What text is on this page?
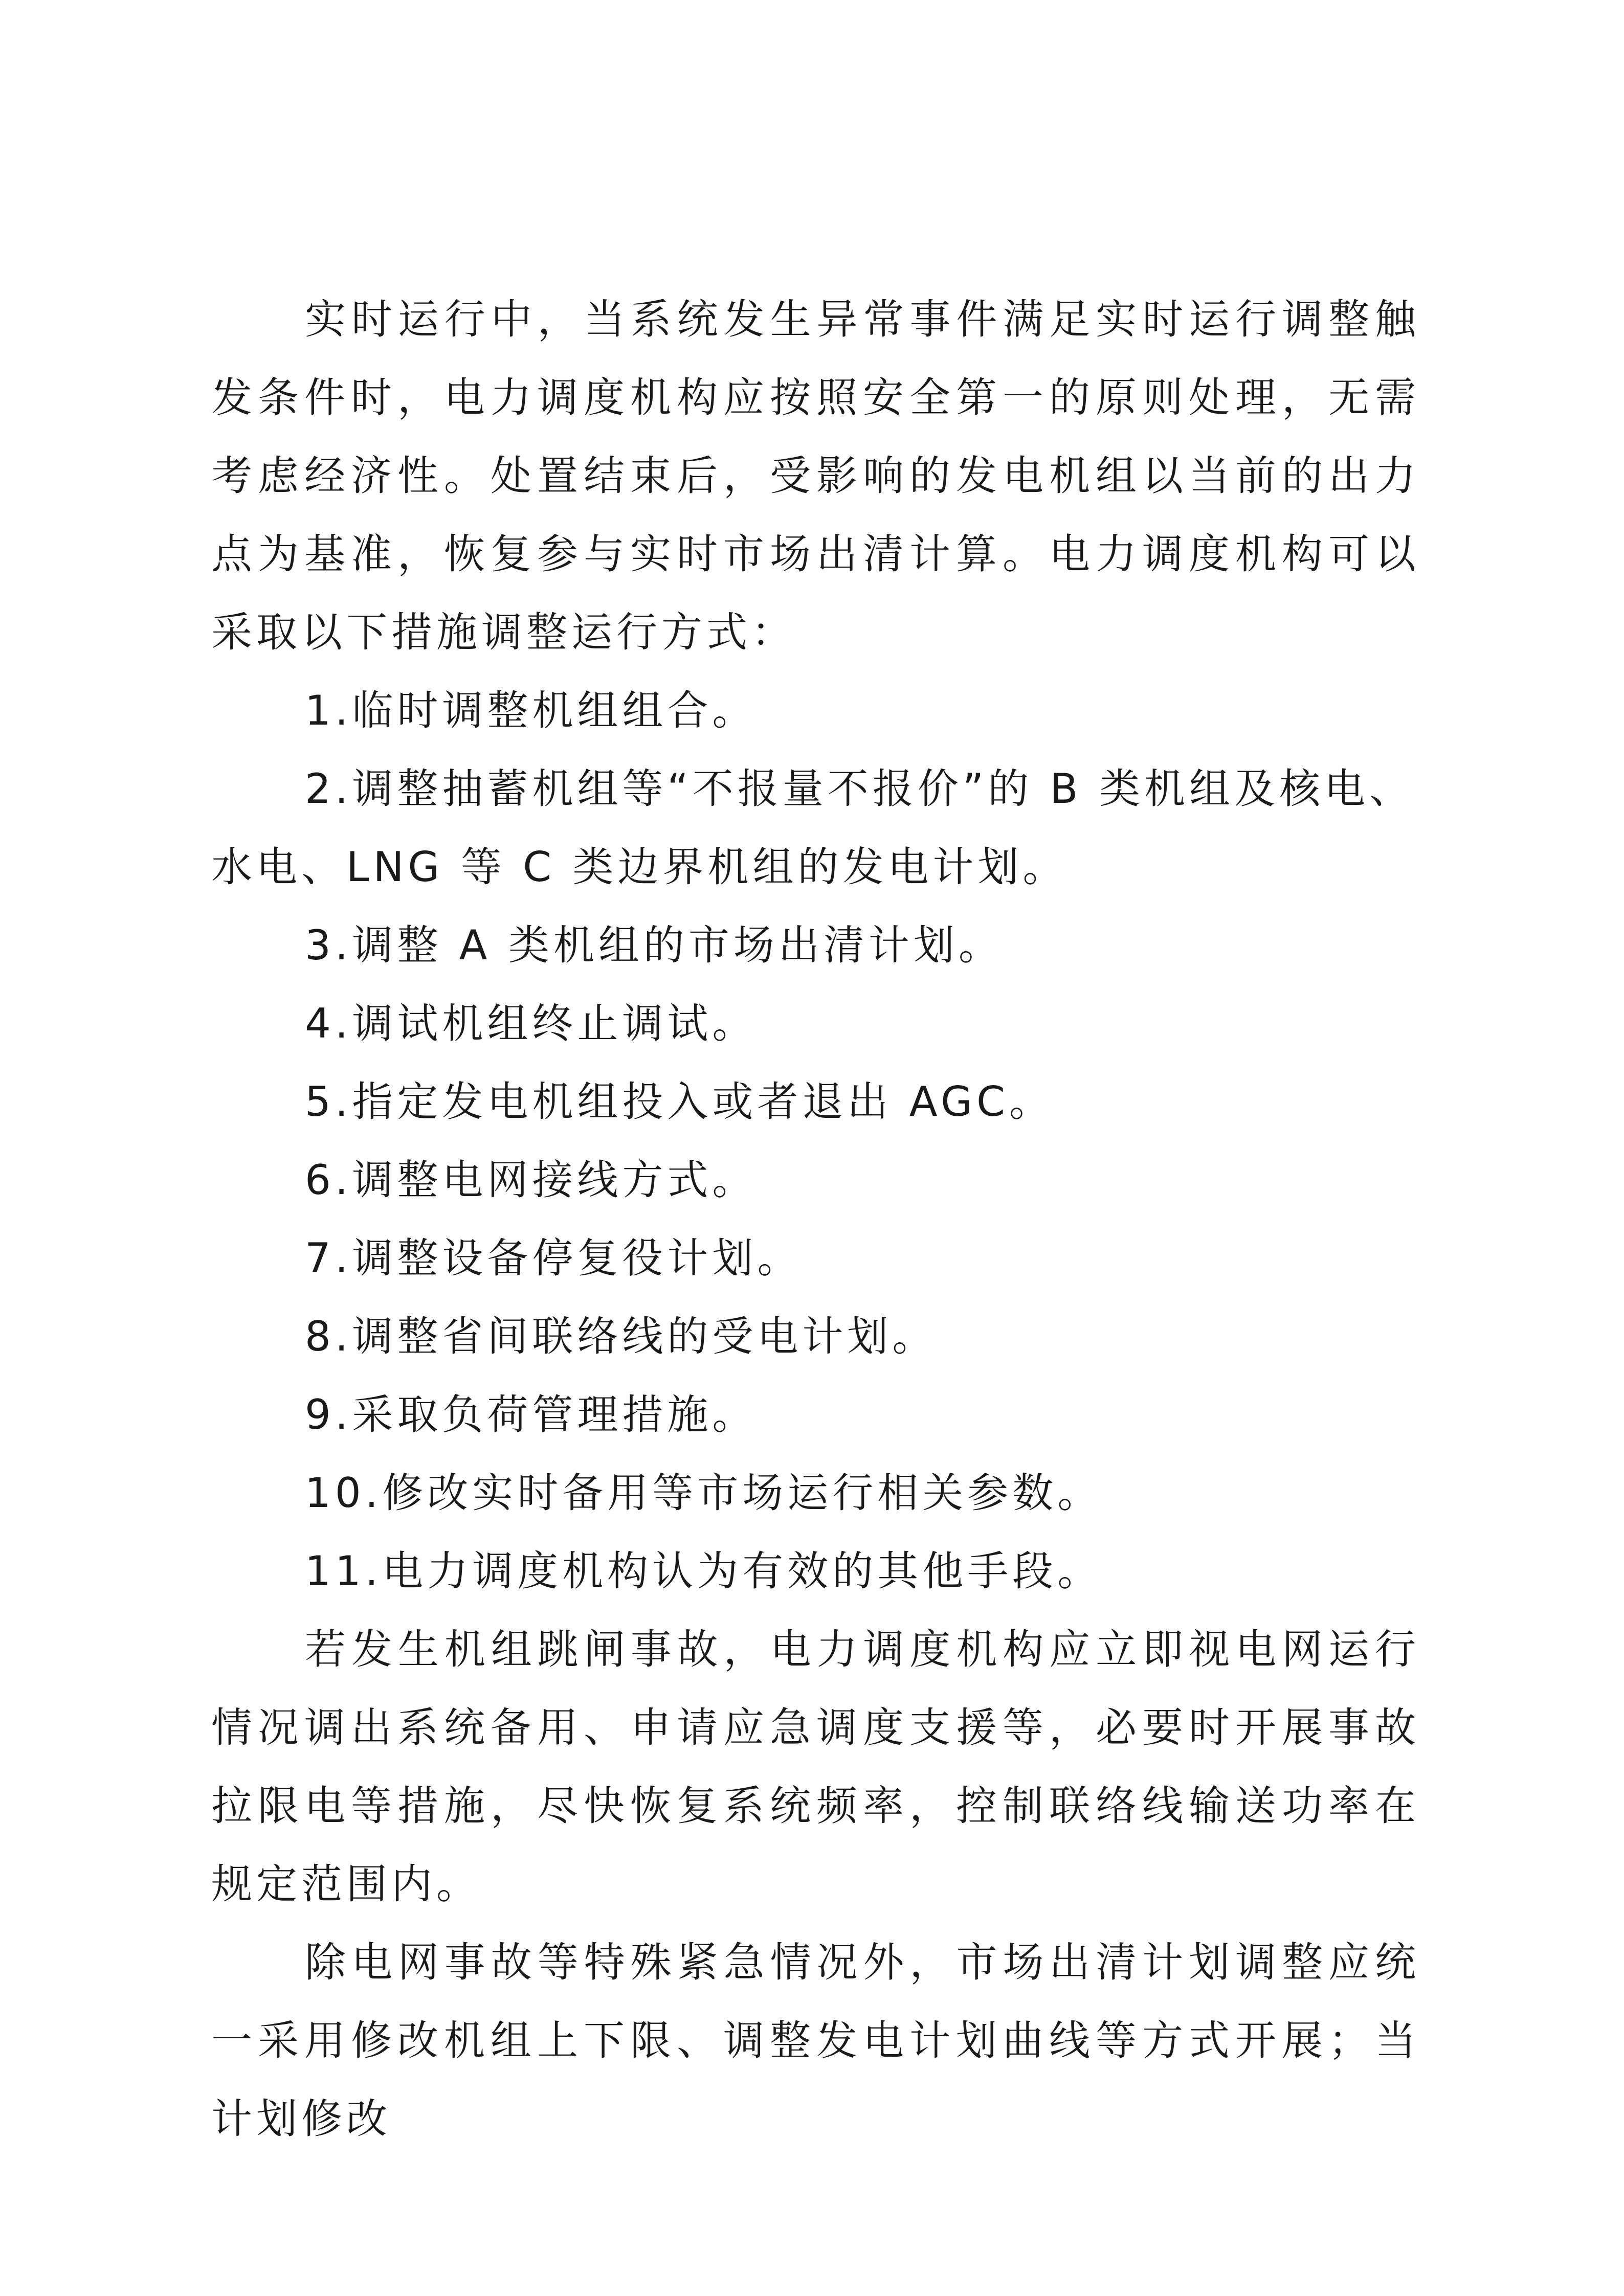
实时运行中，当系统发生异常事件满足实时运行调整触发条件时，电力调度机构应按照安全第一的原则处理，无需考虑经济性。处置结束后，受影响的发电机组以当前的出力点为基准，恢复参与实时市场出清计算。电力调度机构可以采取以下措施调整运行方式：

1.临时调整机组组合。

2.调整抽蓄机组等“不报量不报价”的 B 类机组及核电、水电、LNG 等 C 类边界机组的发电计划。

3.调整 A 类机组的市场出清计划。

4.调试机组终止调试。

5.指定发电机组投入或者退出 AGC。

6.调整电网接线方式。

7.调整设备停复役计划。

8.调整省间联络线的受电计划。

9.采取负荷管理措施。

10.修改实时备用等市场运行相关参数。

11.电力调度机构认为有效的其他手段。

若发生机组跳闸事故，电力调度机构应立即视电网运行情况调出系统备用、申请应急调度支援等，必要时开展事故拉限电等措施，尽快恢复系统频率，控制联络线输送功率在规定范围内。

除电网事故等特殊紧急情况外，市场出清计划调整应统一采用修改机组上下限、调整发电计划曲线等方式开展；当计划修改
